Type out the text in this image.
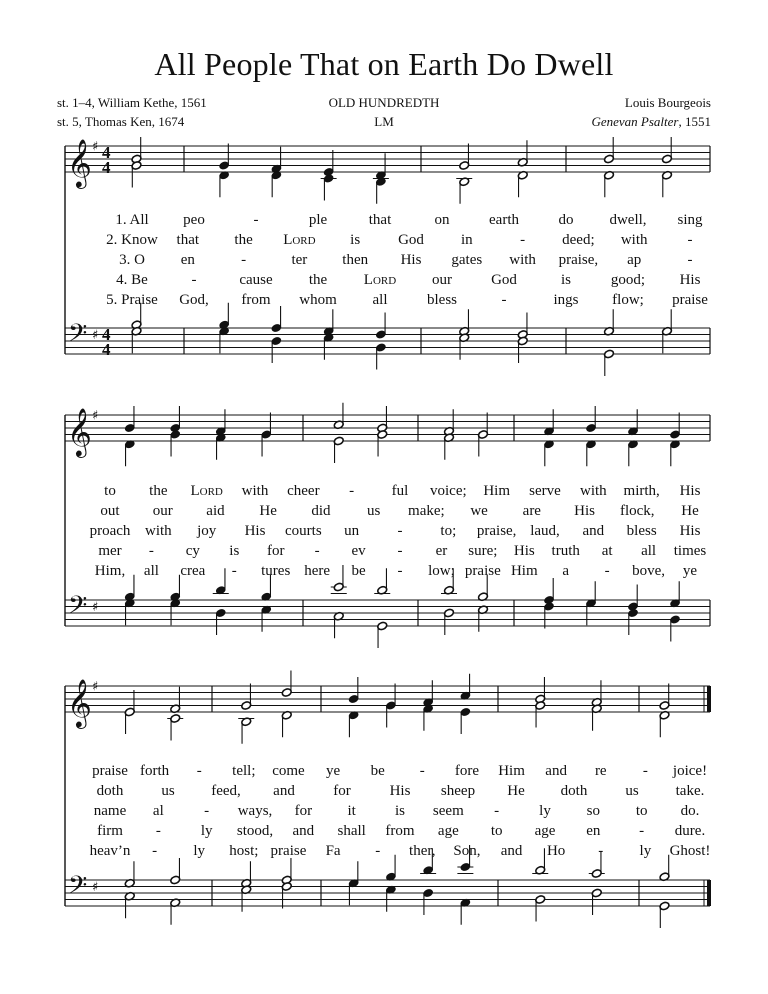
All People That on Earth Do Dwell
st. 1–4, William Kethe, 1561
st. 5, Thomas Ken, 1674
OLD HUNDREDTH
LM
Louis Bourgeois
Genevan Psalter, 1551
𝄞
𝄢
♯
♯
4
4
4
4
1. All peo	-	ple	that	on	earth	do dwell, sing
2. Know that the Lord is	God in	- deed; with	-
3. O en	-	ter then His gates with praise, ap	-
4. Be	-	cause the Lord our	God	is	good; His
5. Praise God, from whom all	bless	-	ings flow; praise
𝄞
𝄢
♯
♯
to the Lord with cheer -	ful voice; Him serve with mirth, His
out our aid He did us make; we are His flock, He
proach with joy His courts un	-	to; praise, laud, and bless His
mer - cy is for - ev - er sure; His truth at all times
Him, all crea - tures here be - low; praise Him a - bove, ye
𝄞
𝄢
♯
♯
praise forth - tell; come ye be - fore Him and re - joice!
doth	us feed, and	for	His sheep He doth	us take.
name al	- ways, for it	is seem -	ly so to do.
firm -	ly stood, and shall from age to age en	- dure.
heav’n - ly host; praise Fa - ther, Son, and Ho - ly Ghost!
